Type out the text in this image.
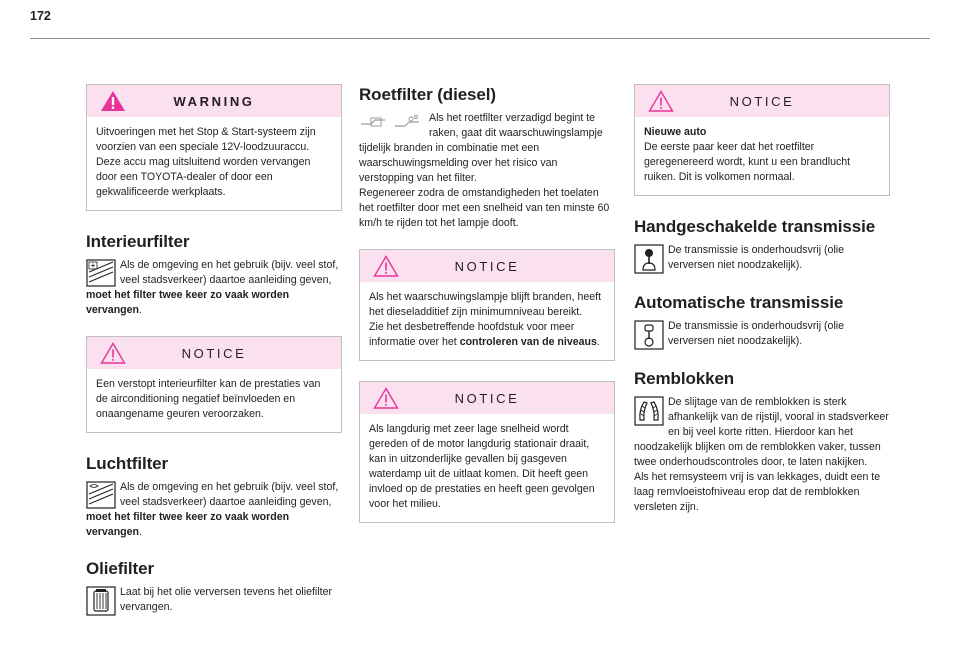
172
WARNING

Uitvoeringen met het Stop & Start-systeem zijn voorzien van een speciale 12V-loodzuuraccu. Deze accu mag uitsluitend worden vervangen door een TOYOTA-dealer of door een gekwalificeerde werkplaats.

Interieurfilter

Als de omgeving en het gebruik (bijv. veel stof, veel stadsverkeer) daartoe aanleiding geven, moet het filter twee keer zo vaak worden vervangen.

NOTICE

Een verstopt interieurfilter kan de prestaties van de airconditioning negatief beïnvloeden en onaangename geuren veroorzaken.

Luchtfilter

Als de omgeving en het gebruik (bijv. veel stof, veel stadsverkeer) daartoe aanleiding geven, moet het filter twee keer zo vaak worden vervangen.

Oliefilter

Laat bij het olie verversen tevens het oliefilter vervangen.

Roetfilter (diesel)

Als het roetfilter verzadigd begint te raken, gaat dit waarschuwingslampje tijdelijk branden in combinatie met een waarschuwingsmelding over het risico van verstopping van het filter.

Regenereer zodra de omstandigheden het toelaten het roetfilter door met een snelheid van ten minste 60 km/h te rijden tot het lampje dooft.

NOTICE

Als het waarschuwingslampje blijft branden, heeft het dieseladditief zijn minimumniveau bereikt.

Zie het desbetreffende hoofdstuk voor meer informatie over het controleren van de niveaus.

NOTICE

Als langdurig met zeer lage snelheid wordt gereden of de motor langdurig stationair draait, kan in uitzonderlijke gevallen bij gasgeven waterdamp uit de uitlaat komen. Dit heeft geen invloed op de prestaties en heeft geen gevolgen voor het milieu.

NOTICE

Nieuwe auto

De eerste paar keer dat het roetfilter geregenereerd wordt, kunt u een brandlucht ruiken. Dit is volkomen normaal.

Handgeschakelde transmissie

De transmissie is onderhoudsvrij (olie verversen niet noodzakelijk).

Automatische transmissie

De transmissie is onderhoudsvrij (olie verversen niet noodzakelijk).

Remblokken

De slijtage van de remblokken is sterk afhankelijk van de rijstijl, vooral in stadsverkeer en bij veel korte ritten. Hierdoor kan het noodzakelijk blijken om de remblokken vaker, tussen twee onderhoudscontroles door, te laten nakijken.

Als het remsysteem vrij is van lekkages, duidt een te laag remvloeistofniveau erop dat de remblokken versleten zijn.
